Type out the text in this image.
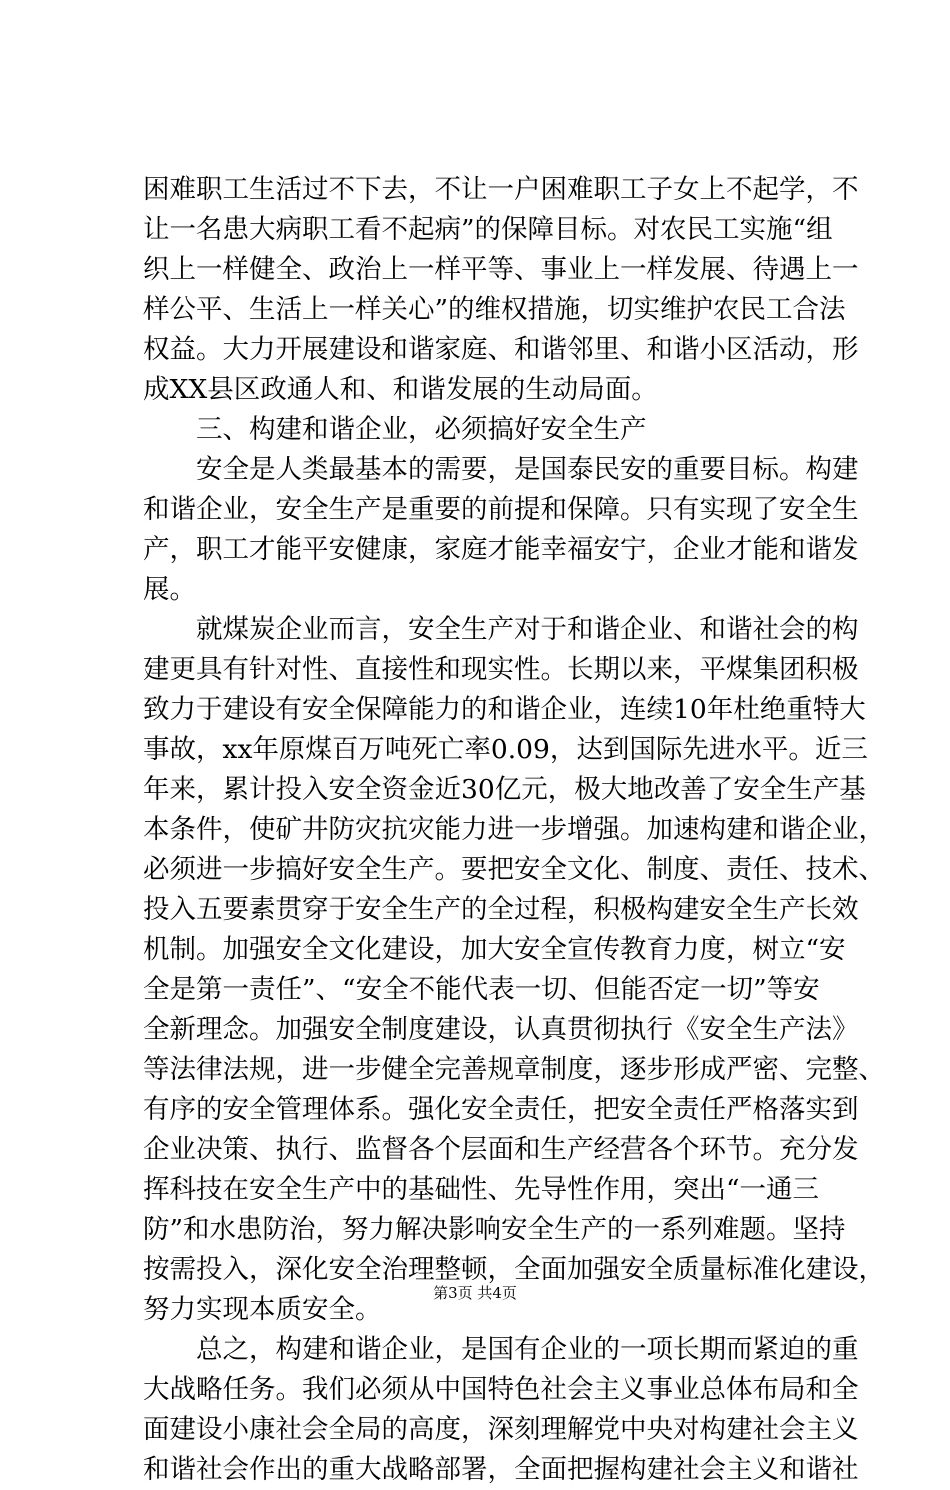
困难职工生活过不下去，不让一户困难职工子女上不起学，不
让一名患大病职工看不起病”的保障目标。对农民工实施“组
织上一样健全、政治上一样平等、事业上一样发展、待遇上一
样公平、生活上一样关心”的维权措施，切实维护农民工合法
权益。大力开展建设和谐家庭、和谐邻里、和谐小区活动，形
成XX县区政通人和、和谐发展的生动局面。
　　三、构建和谐企业，必须搞好安全生产
　　安全是人类最基本的需要，是国泰民安的重要目标。构建
和谐企业，安全生产是重要的前提和保障。只有实现了安全生
产，职工才能平安健康，家庭才能幸福安宁，企业才能和谐发
展。
　　就煤炭企业而言，安全生产对于和谐企业、和谐社会的构
建更具有针对性、直接性和现实性。长期以来，平煤集团积极
致力于建设有安全保障能力的和谐企业，连续10年杜绝重特大
事故，xx年原煤百万吨死亡率0.09，达到国际先进水平。近三
年来，累计投入安全资金近30亿元，极大地改善了安全生产基
本条件，使矿井防灾抗灾能力进一步增强。加速构建和谐企业，
必须进一步搞好安全生产。要把安全文化、制度、责任、技术、
投入五要素贯穿于安全生产的全过程，积极构建安全生产长效
机制。加强安全文化建设，加大安全宣传教育力度，树立“安
全是第一责任”、“安全不能代表一切、但能否定一切”等安
全新理念。加强安全制度建设，认真贯彻执行《安全生产法》
等法律法规，进一步健全完善规章制度，逐步形成严密、完整、
有序的安全管理体系。强化安全责任，把安全责任严格落实到
企业决策、执行、监督各个层面和生产经营各个环节。充分发
挥科技在安全生产中的基础性、先导性作用，突出“一通三
防”和水患防治，努力解决影响安全生产的一系列难题。坚持
按需投入，深化安全治理整顿，全面加强安全质量标准化建设，
努力实现本质安全。
　　总之，构建和谐企业，是国有企业的一项长期而紧迫的重
大战略任务。我们必须从中国特色社会主义事业总体布局和全
面建设小康社会全局的高度，深刻理解党中央对构建社会主义
和谐社会作出的重大战略部署，全面把握构建社会主义和谐社
第3页 共4页
